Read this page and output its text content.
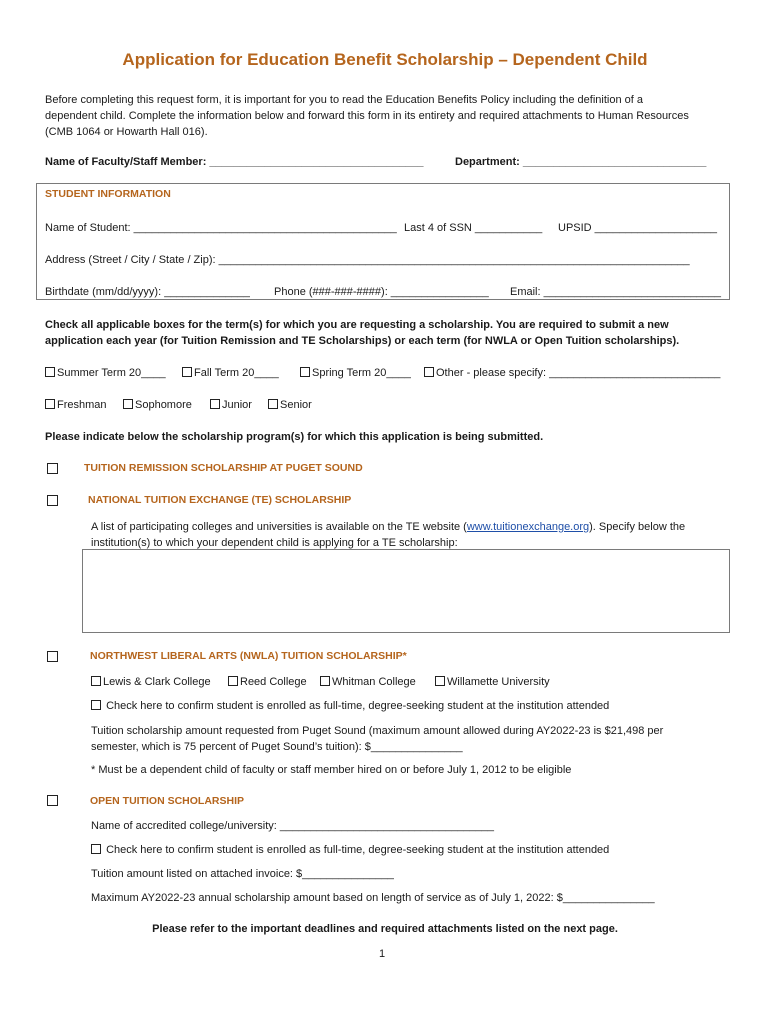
Application for Education Benefit Scholarship – Dependent Child
Before completing this request form, it is important for you to read the Education Benefits Policy including the definition of a dependent child. Complete the information below and forward this form in its entirety and required attachments to Human Resources (CMB 1064 or Howarth Hall 016).
Name of Faculty/Staff Member: ___________________________________	Department: ______________________________
STUDENT INFORMATION
Name of Student: ___________________________________________ Last 4 of SSN ___________ UPSID ____________________
Address (Street / City / State / Zip): _____________________________________________________________________________
Birthdate (mm/dd/yyyy): ______________ Phone (###-###-####): ________________ Email: _____________________________
Check all applicable boxes for the term(s) for which you are requesting a scholarship. You are required to submit a new application each year (for Tuition Remission and TE Scholarships) or each term (for NWLA or Open Tuition scholarships).
Summer Term 20____	Fall Term 20____	Spring Term 20____	Other - please specify: ____________________________
Freshman	Sophomore	Junior	Senior
Please indicate below the scholarship program(s) for which this application is being submitted.
TUITION REMISSION SCHOLARSHIP AT PUGET SOUND
NATIONAL TUITION EXCHANGE (TE) SCHOLARSHIP
A list of participating colleges and universities is available on the TE website (www.tuitionexchange.org). Specify below the institution(s) to which your dependent child is applying for a TE scholarship:
NORTHWEST LIBERAL ARTS (NWLA) TUITION SCHOLARSHIP*
Lewis & Clark College	Reed College	Whitman College	Willamette University
Check here to confirm student is enrolled as full-time, degree-seeking student at the institution attended
Tuition scholarship amount requested from Puget Sound (maximum amount allowed during AY2022-23 is $21,498 per semester, which is 75 percent of Puget Sound’s tuition): $_______________
* Must be a dependent child of faculty or staff member hired on or before July 1, 2012 to be eligible
OPEN TUITION SCHOLARSHIP
Name of accredited college/university: ___________________________________
Check here to confirm student is enrolled as full-time, degree-seeking student at the institution attended
Tuition amount listed on attached invoice: $_______________
Maximum AY2022-23 annual scholarship amount based on length of service as of July 1, 2022: $_______________
Please refer to the important deadlines and required attachments listed on the next page.
1
